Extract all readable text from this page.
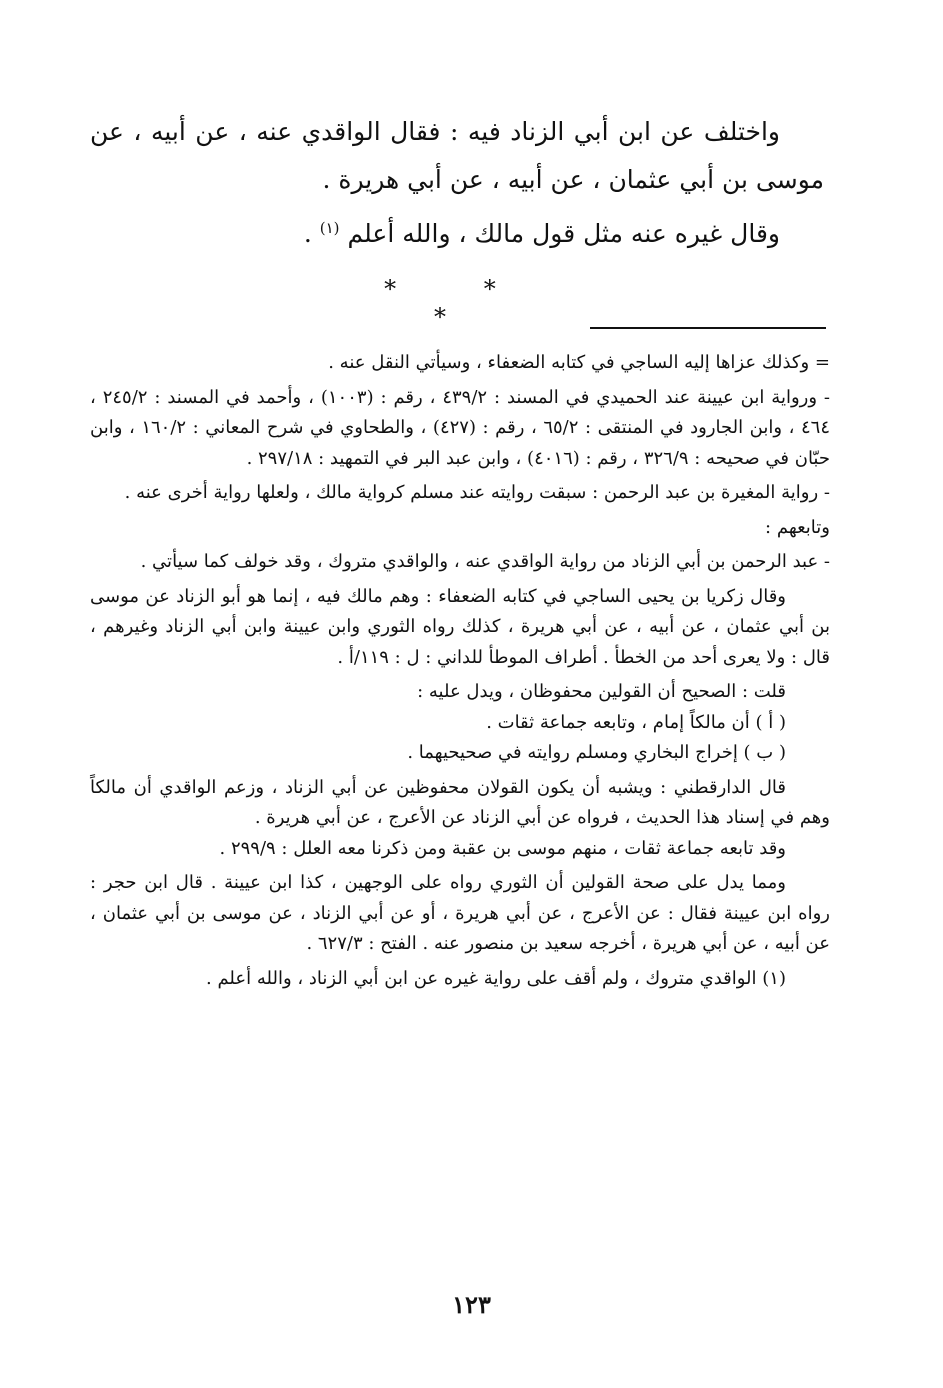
واختلف عن ابن أبي الزناد فيه : فقال الواقدي عنه ، عن أبيه ، عن موسى بن أبي عثمان ، عن أبيه ، عن أبي هريرة .

وقال غيره عنه مثل قول مالك ، والله أعلم $^{(١)}$ .

* * *

= وكذلك عزاها إليه الساجي في كتابه الضعفاء ، وسيأتي النقل عنه .

- ورواية ابن عيينة عند الحميدي في المسند : ٤٣٩/٢ ، رقم : (١٠٠٣) ، وأحمد في المسند : ٢٤٥/٢ ، ٤٦٤ ، وابن الجارود في المنتقى : ٦٥/٢ ، رقم : (٤٢٧) ، والطحاوي في شرح المعاني : ١٦٠/٢ ، وابن حبّان في صحيحه : ٣٢٦/٩ ، رقم : (٤٠١٦) ، وابن عبد البر في التمهيد : ٢٩٧/١٨ .

- رواية المغيرة بن عبد الرحمن : سبقت روايته عند مسلم كرواية مالك ، ولعلها رواية أخرى عنه .

وتابعهم :

- عبد الرحمن بن أبي الزناد من رواية الواقدي عنه ، والواقدي متروك ، وقد خولف كما سيأتي .

وقال زكريا بن يحيى الساجي في كتابه الضعفاء : وهم مالك فيه ، إنما هو أبو الزناد عن موسى بن أبي عثمان ، عن أبيه ، عن أبي هريرة ، كذلك رواه الثوري وابن عيينة وابن أبي الزناد وغيرهم ، قال : ولا يعرى أحد من الخطأ . أطراف الموطأ للداني : ل : ١١٩/أ .

قلت : الصحيح أن القولين محفوظان ، ويدل عليه :

( أ ) أن مالكاً إمام ، وتابعه جماعة ثقات .

( ب ) إخراج البخاري ومسلم روايته في صحيحيهما .

قال الدارقطني : ويشبه أن يكون القولان محفوظين عن أبي الزناد ، وزعم الواقدي أن مالكاً وهم في إسناد هذا الحديث ، فرواه عن أبي الزناد عن الأعرج ، عن أبي هريرة .

وقد تابعه جماعة ثقات ، منهم موسى بن عقبة ومن ذكرنا معه العلل : ٢٩٩/٩ .

ومما يدل على صحة القولين أن الثوري رواه على الوجهين ، كذا ابن عيينة . قال ابن حجر : رواه ابن عيينة فقال : عن الأعرج ، عن أبي هريرة ، أو عن أبي الزناد ، عن موسى بن أبي عثمان ، عن أبيه ، عن أبي هريرة ، أخرجه سعيد بن منصور عنه . الفتح : ٦٢٧/٣ .

(١) الواقدي متروك ، ولم أقف على رواية غيره عن ابن أبي الزناد ، والله أعلم .

١٢٣
